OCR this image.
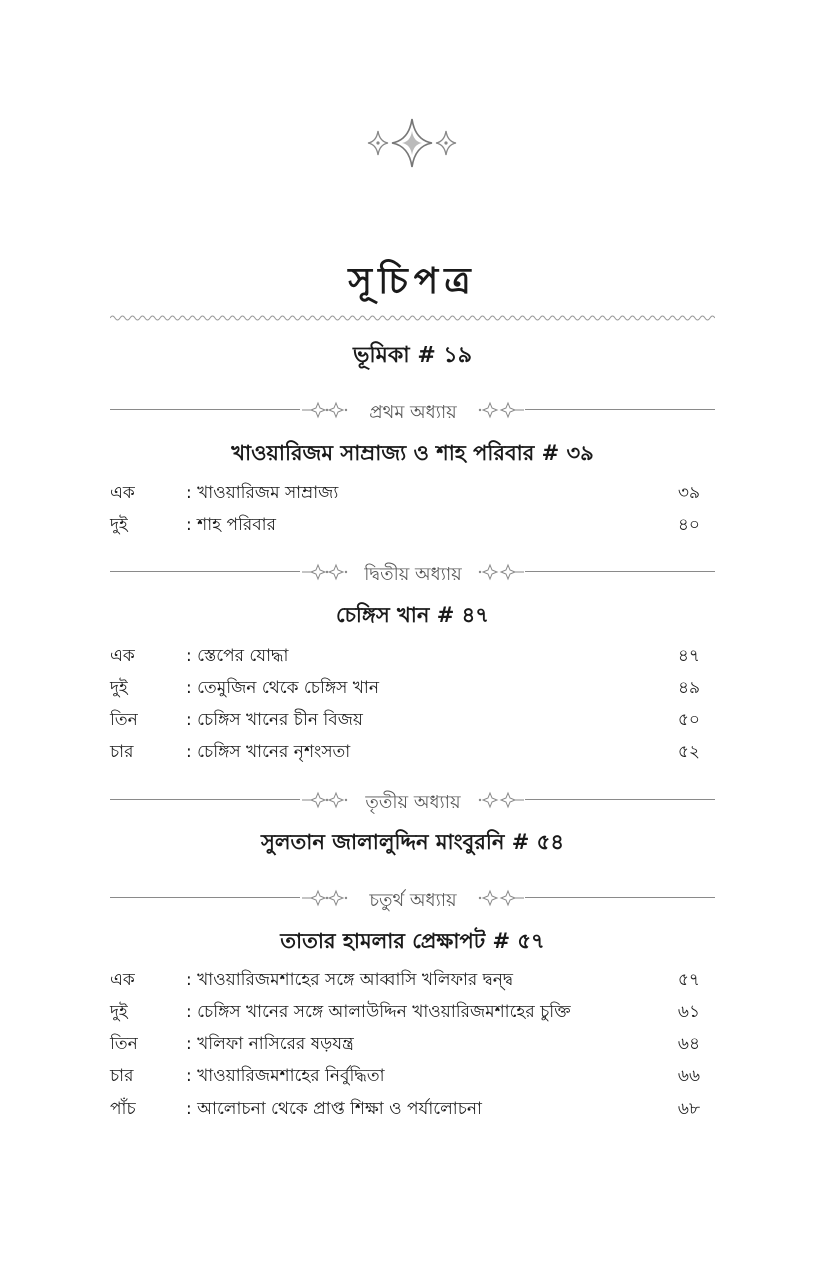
সূচিপত্র
ভূমিকা # ১৯
প্রথম অধ্যায়
খাওয়ারিজম সাম্রাজ্য ও শাহ পরিবার # ৩৯
এক	: খাওয়ারিজম সাম্রাজ্য	৩৯
দুই	: শাহ পরিবার	৪০
দ্বিতীয় অধ্যায়
চেঙ্গিস খান # ৪৭
এক	: স্তেপের যোদ্ধা	৪৭
দুই	: তেমুজিন থেকে চেঙ্গিস খান	৪৯
তিন	: চেঙ্গিস খানের চীন বিজয়	৫০
চার	: চেঙ্গিস খানের নৃশংসতা	৫২
তৃতীয় অধ্যায়
সুলতান জালালুদ্দিন মাংবুরনি # ৫৪
চতুর্থ অধ্যায়
তাতার হামলার প্রেক্ষাপট # ৫৭
এক	: খাওয়ারিজমশাহের সঙ্গে আব্বাসি খলিফার দ্বন্দ্ব	৫৭
দুই	: চেঙ্গিস খানের সঙ্গে আলাউদ্দিন খাওয়ারিজমশাহের চুক্তি	৬১
তিন	: খলিফা নাসিরের ষড়যন্ত্র	৬৪
চার	: খাওয়ারিজমশাহের নির্বুদ্ধিতা	৬৬
পাঁচ	: আলোচনা থেকে প্রাপ্ত শিক্ষা ও পর্যালোচনা	৬৮
